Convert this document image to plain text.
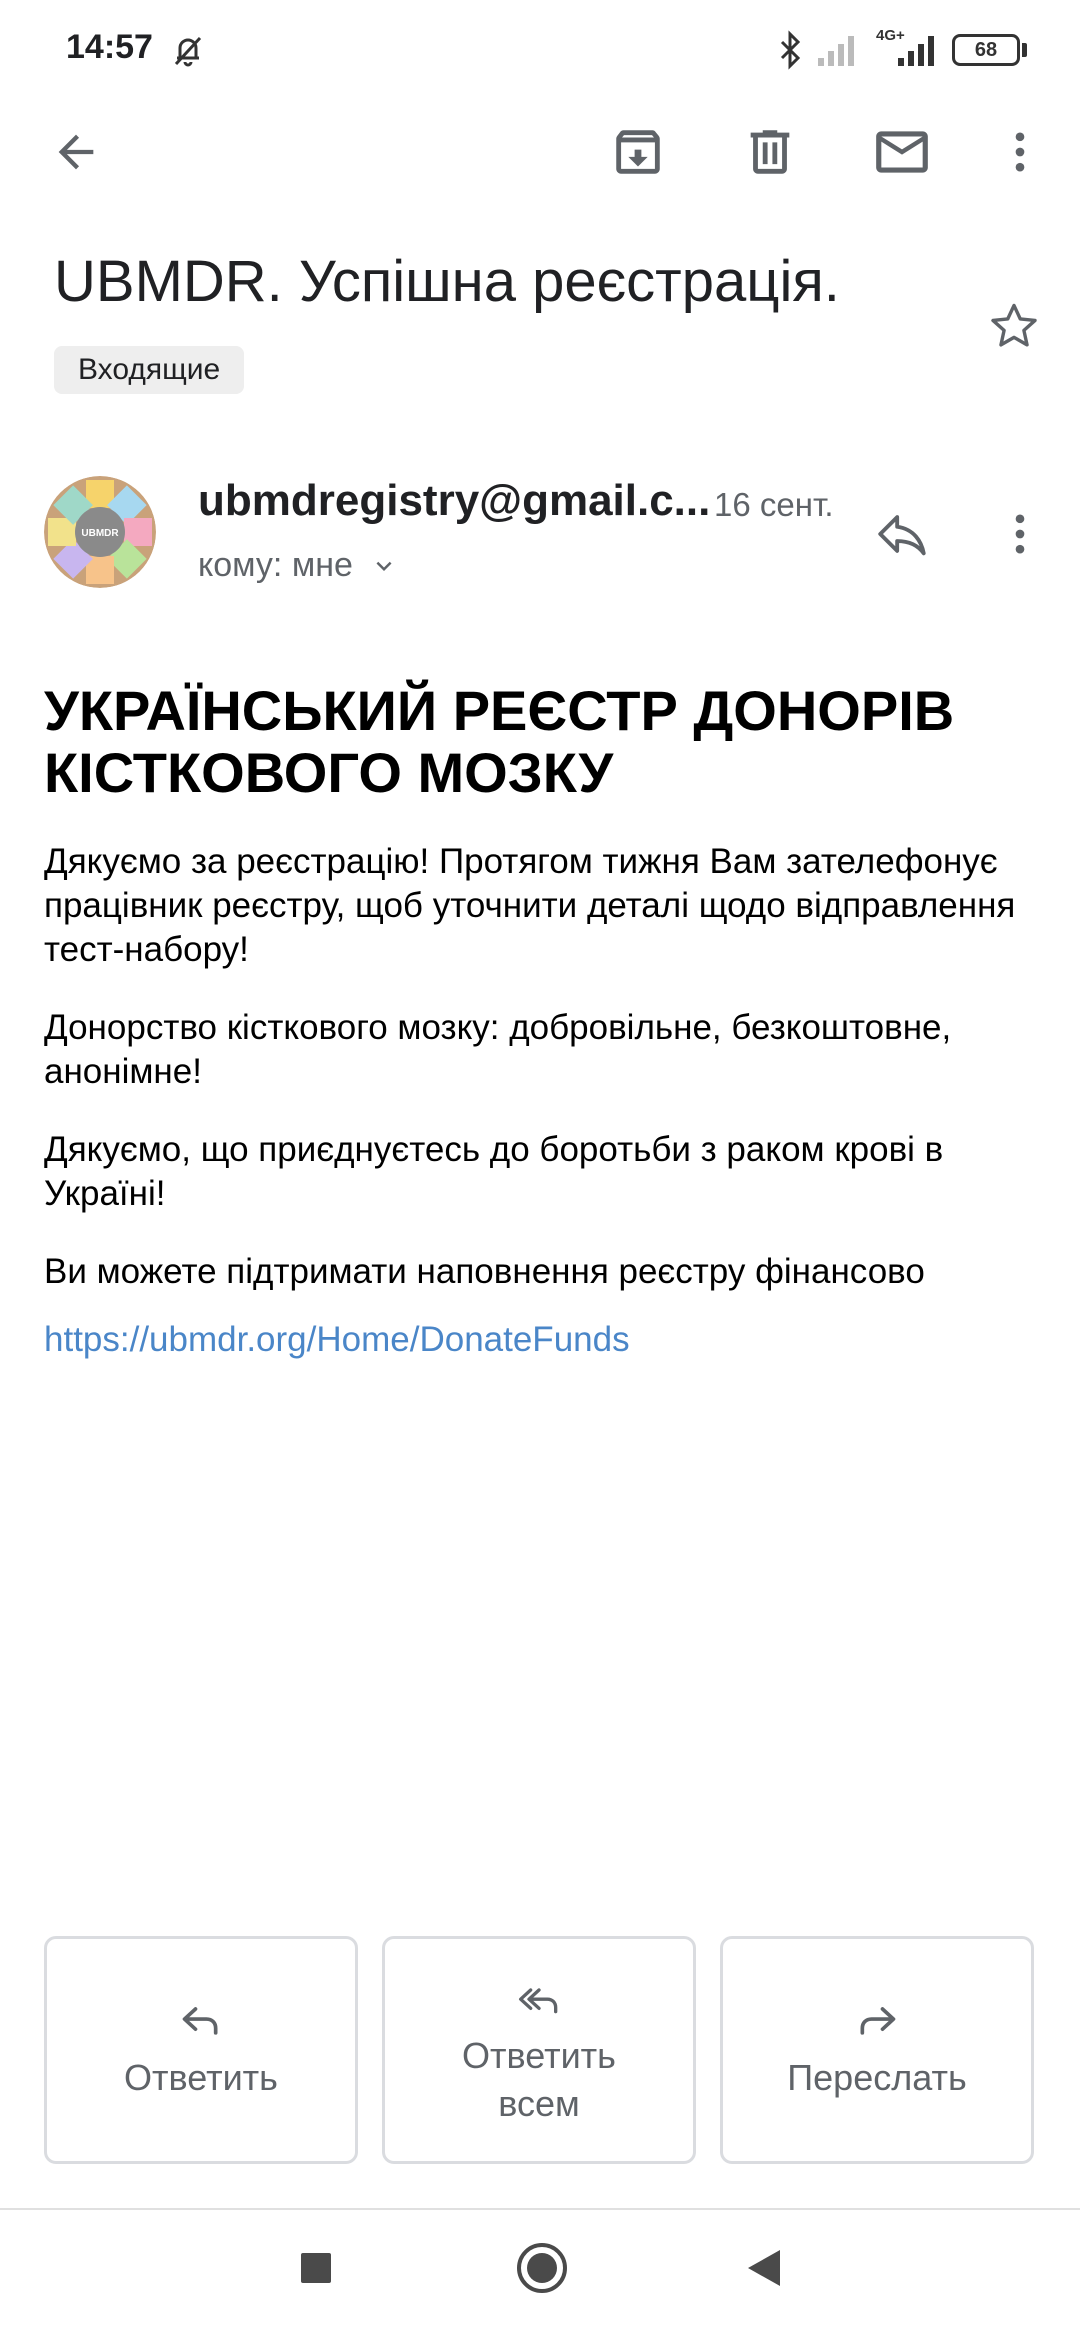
14:57	4G+
68
UBMDR. Успішна реєстрація.
Входящие
UBMDR
ubmdregistry@gmail.c... 16 сент.
кому: мне
УКРАЇНСЬКИЙ РЕЄСТР ДОНОРІВ КІСТКОВОГО МОЗКУ

Дякуємо за реєстрацію! Протягом тижня Вам зателефонує працівник реєстру, щоб уточнити деталі щодо відправлення тест-набору!

Донорство кісткового мозку: добровільне, безкоштовне, анонімне!

Дякуємо, що приєднуєтесь до боротьби з раком крові в Україні!

Ви можете підтримати наповнення реєстру фінансово

https://ubmdr.org/Home/DonateFunds
Ответить
Ответить всем
Переслать
